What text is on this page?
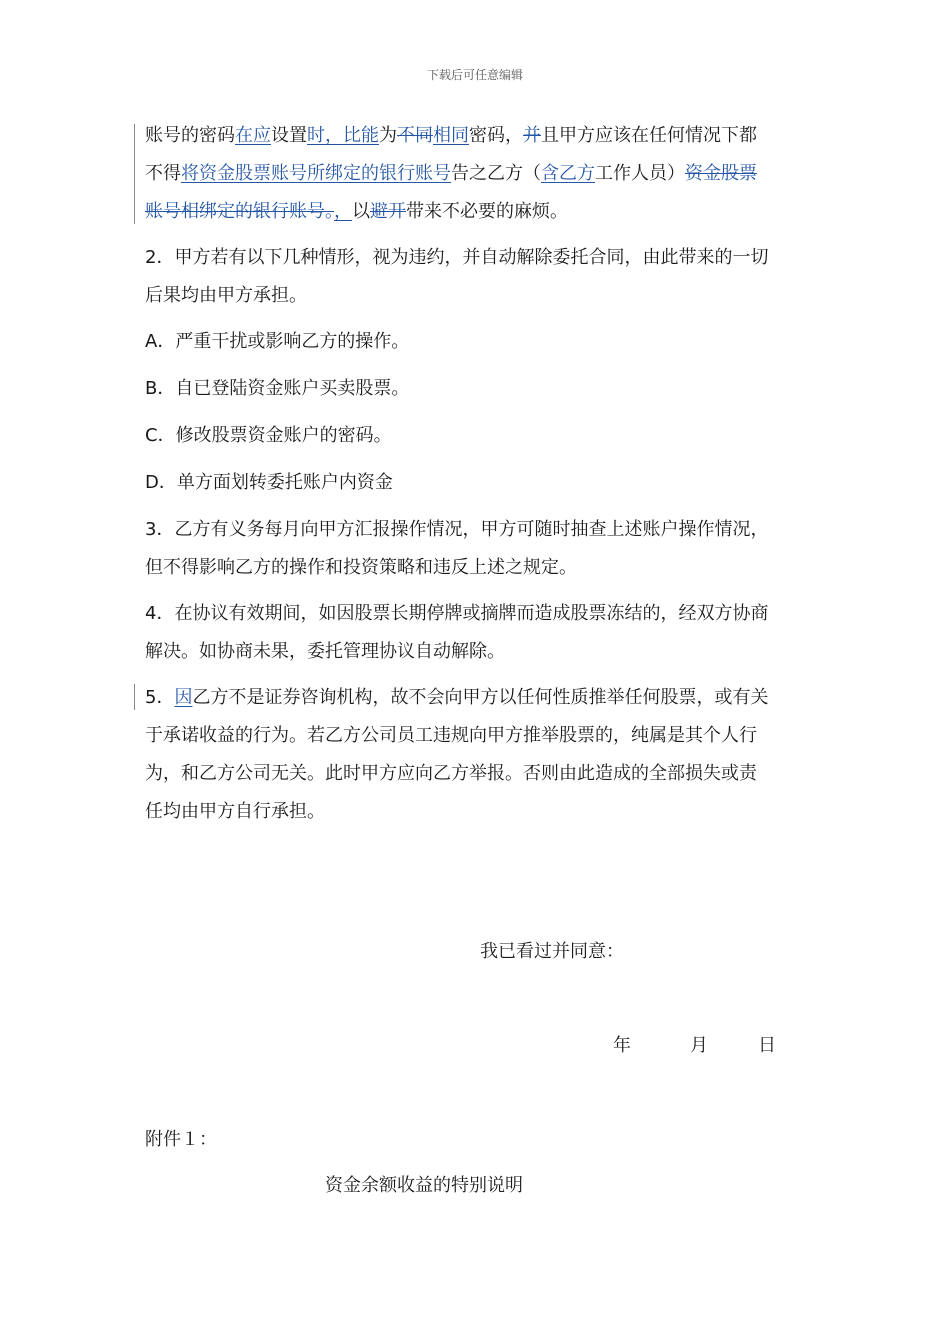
下载后可任意编辑
账号的密码在应设置时，比能为不同相同密码，并且甲方应该在任何情况下都
不得将资金股票账号所绑定的银行账号告之乙方（含乙方工作人员）资金股票
账号相绑定的银行账号。，以避开带来不必要的麻烦。
2．甲方若有以下几种情形，视为违约，并自动解除委托合同，由此带来的一切
后果均由甲方承担。
A．严重干扰或影响乙方的操作。
B．自已登陆资金账户买卖股票。
C．修改股票资金账户的密码。
D．单方面划转委托账户内资金
3．乙方有义务每月向甲方汇报操作情况，甲方可随时抽查上述账户操作情况，
但不得影响乙方的操作和投资策略和违反上述之规定。
4．在协议有效期间，如因股票长期停牌或摘牌而造成股票冻结的，经双方协商
解决。如协商未果，委托管理协议自动解除。
5．因乙方不是证券咨询机构，故不会向甲方以任何性质推举任何股票，或有关
于承诺收益的行为。若乙方公司员工违规向甲方推举股票的，纯属是其个人行
为，和乙方公司无关。此时甲方应向乙方举报。否则由此造成的全部损失或责
任均由甲方自行承担。
我已看过并同意：
年	月	日
附件１：
资金余额收益的特别说明
